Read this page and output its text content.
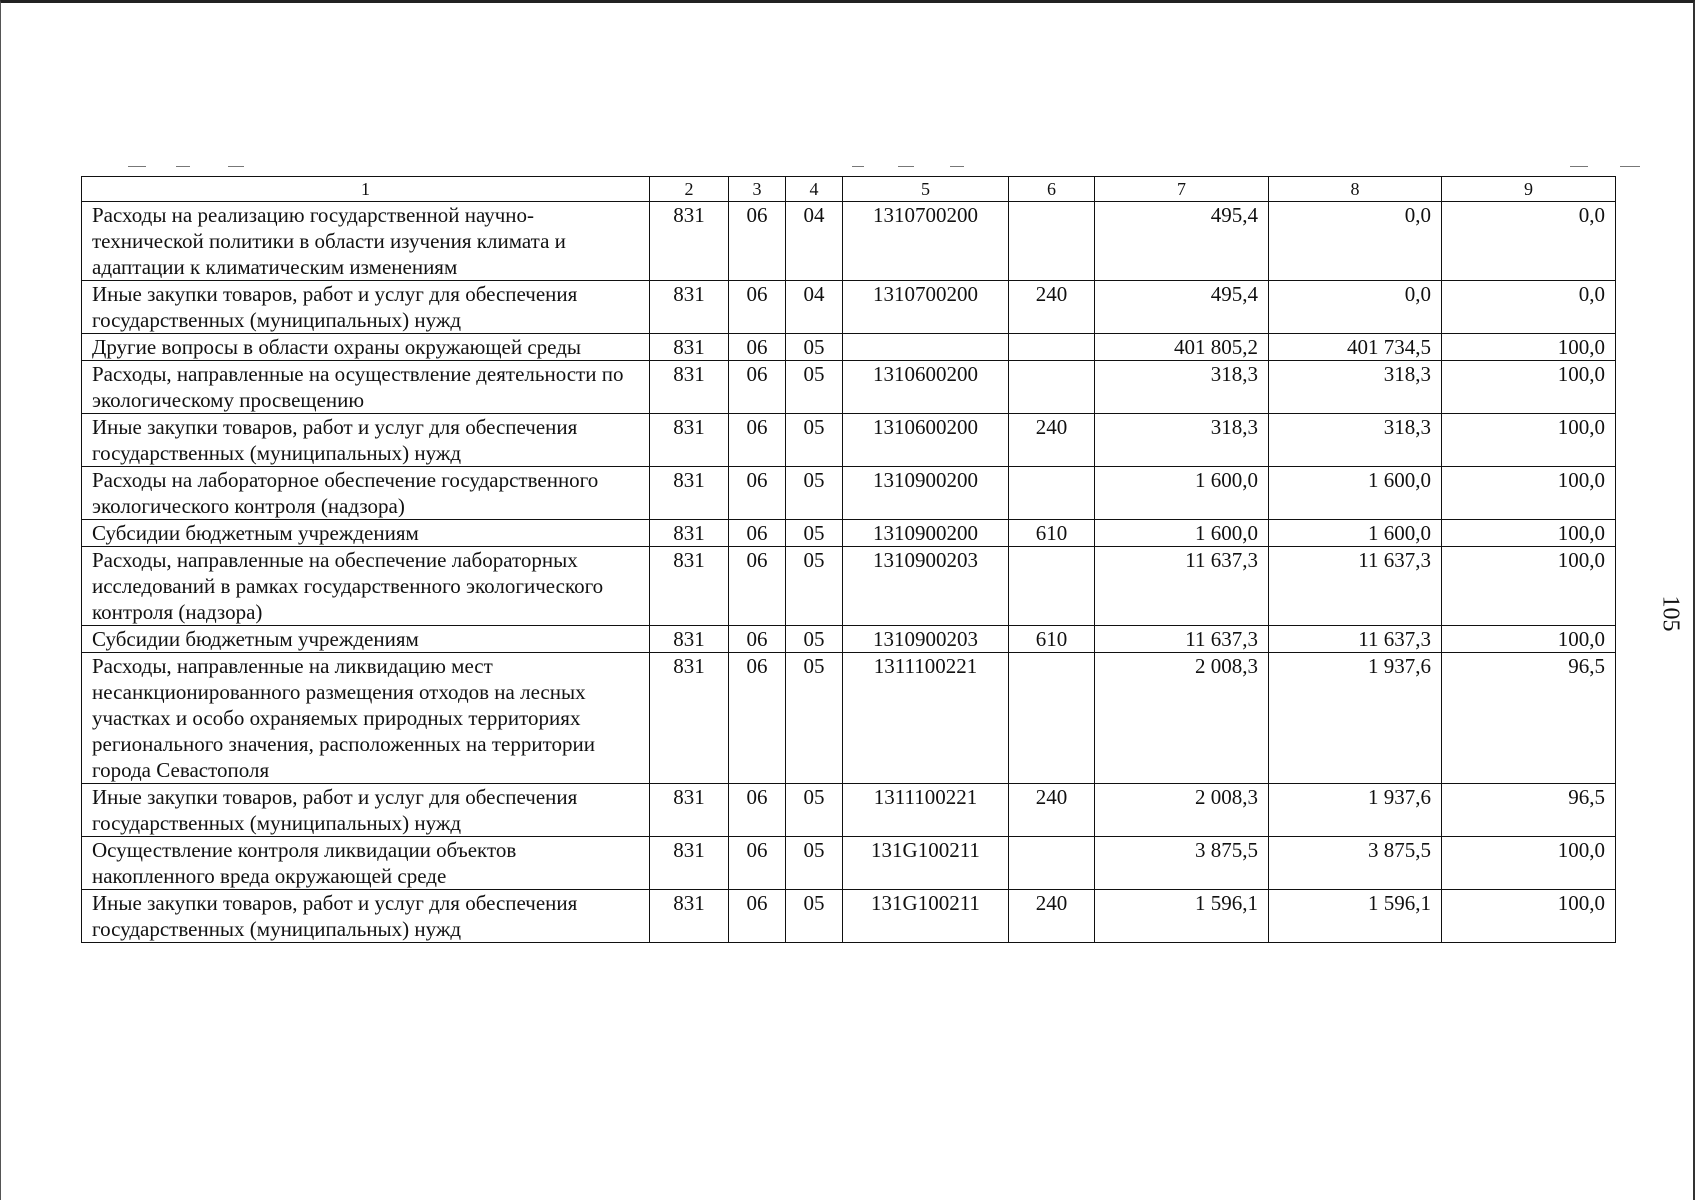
1	2	3	4	5	6	7	8	9
Расходы на реализацию государственной научно-технической политики в области изучения климата и адаптации к климатическим изменениям	831	06	04	1310700200		495,4	0,0	0,0
Иные закупки товаров, работ и услуг для обеспечения государственных (муниципальных) нужд	831	06	04	1310700200	240	495,4	0,0	0,0
Другие вопросы в области охраны окружающей среды	831	06	05			401 805,2	401 734,5	100,0
Расходы, направленные на осуществление деятельности по экологическому просвещению	831	06	05	1310600200		318,3	318,3	100,0
Иные закупки товаров, работ и услуг для обеспечения государственных (муниципальных) нужд	831	06	05	1310600200	240	318,3	318,3	100,0
Расходы на лабораторное обеспечение государственного экологического контроля (надзора)	831	06	05	1310900200		1 600,0	1 600,0	100,0
Субсидии бюджетным учреждениям	831	06	05	1310900200	610	1 600,0	1 600,0	100,0
Расходы, направленные на обеспечение лабораторных исследований в рамках государственного экологического контроля (надзора)	831	06	05	1310900203		11 637,3	11 637,3	100,0
Субсидии бюджетным учреждениям	831	06	05	1310900203	610	11 637,3	11 637,3	100,0
Расходы, направленные на ликвидацию мест несанкционированного размещения отходов на лесных участках и особо охраняемых природных территориях регионального значения, расположенных на территории города Севастополя	831	06	05	1311100221		2 008,3	1 937,6	96,5
Иные закупки товаров, работ и услуг для обеспечения государственных (муниципальных) нужд	831	06	05	1311100221	240	2 008,3	1 937,6	96,5
Осуществление контроля ликвидации объектов накопленного вреда окружающей среде	831	06	05	131G100211		3 875,5	3 875,5	100,0
Иные закупки товаров, работ и услуг для обеспечения государственных (муниципальных) нужд	831	06	05	131G100211	240	1 596,1	1 596,1	100,0
105
